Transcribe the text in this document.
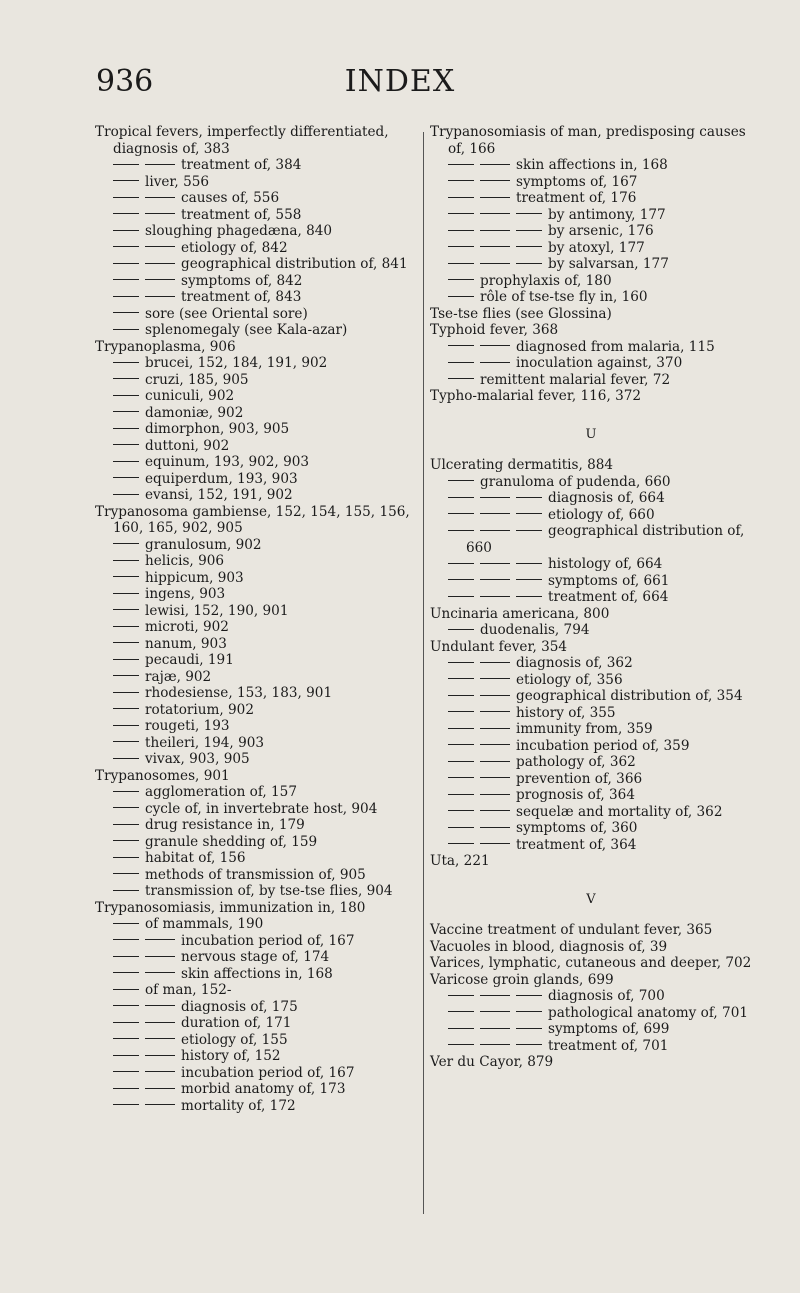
936	INDEX
Tropical fevers, imperfectly differentiated, diagnosis of, 383
treatment of, 384
liver, 556
causes of, 556
treatment of, 558
sloughing phagedæna, 840
etiology of, 842
geographical distribution of, 841
symptoms of, 842
treatment of, 843
sore (see Oriental sore)
splenomegaly (see Kala-azar)
Trypanoplasma, 906
brucei, 152, 184, 191, 902
cruzi, 185, 905
cuniculi, 902
damoniæ, 902
dimorphon, 903, 905
duttoni, 902
equinum, 193, 902, 903
equiperdum, 193, 903
evansi, 152, 191, 902
Trypanosoma gambiense, 152, 154, 155, 156, 160, 165, 902, 905
granulosum, 902
helicis, 906
hippicum, 903
ingens, 903
lewisi, 152, 190, 901
microti, 902
nanum, 903
pecaudi, 191
rajæ, 902
rhodesiense, 153, 183, 901
rotatorium, 902
rougeti, 193
theileri, 194, 903
vivax, 903, 905
Trypanosomes, 901
agglomeration of, 157
cycle of, in invertebrate host, 904
drug resistance in, 179
granule shedding of, 159
habitat of, 156
methods of transmission of, 905
transmission of, by tse-tse flies, 904
Trypanosomiasis, immunization in, 180
of mammals, 190
incubation period of, 167
nervous stage of, 174
skin affections in, 168
of man, 152-
diagnosis of, 175
duration of, 171
etiology of, 155
history of, 152
incubation period of, 167
morbid anatomy of, 173
mortality of, 172
Trypanosomiasis of man, predisposing causes of, 166
skin affections in, 168
symptoms of, 167
treatment of, 176
by antimony, 177
by arsenic, 176
by atoxyl, 177
by salvarsan, 177
prophylaxis of, 180
rôle of tse-tse fly in, 160
Tse-tse flies (see Glossina)
Typhoid fever, 368
diagnosed from malaria, 115
inoculation against, 370
remittent malarial fever, 72
Typho-malarial fever, 116, 372
U
Ulcerating dermatitis, 884
granuloma of pudenda, 660
diagnosis of, 664
etiology of, 660
geographical distribution of, 660
histology of, 664
symptoms of, 661
treatment of, 664
Uncinaria americana, 800
duodenalis, 794
Undulant fever, 354
diagnosis of, 362
etiology of, 356
geographical distribution of, 354
history of, 355
immunity from, 359
incubation period of, 359
pathology of, 362
prevention of, 366
prognosis of, 364
sequelæ and mortality of, 362
symptoms of, 360
treatment of, 364
Uta, 221
V
Vaccine treatment of undulant fever, 365
Vacuoles in blood, diagnosis of, 39
Varices, lymphatic, cutaneous and deeper, 702
Varicose groin glands, 699
diagnosis of, 700
pathological anatomy of, 701
symptoms of, 699
treatment of, 701
Ver du Cayor, 879
